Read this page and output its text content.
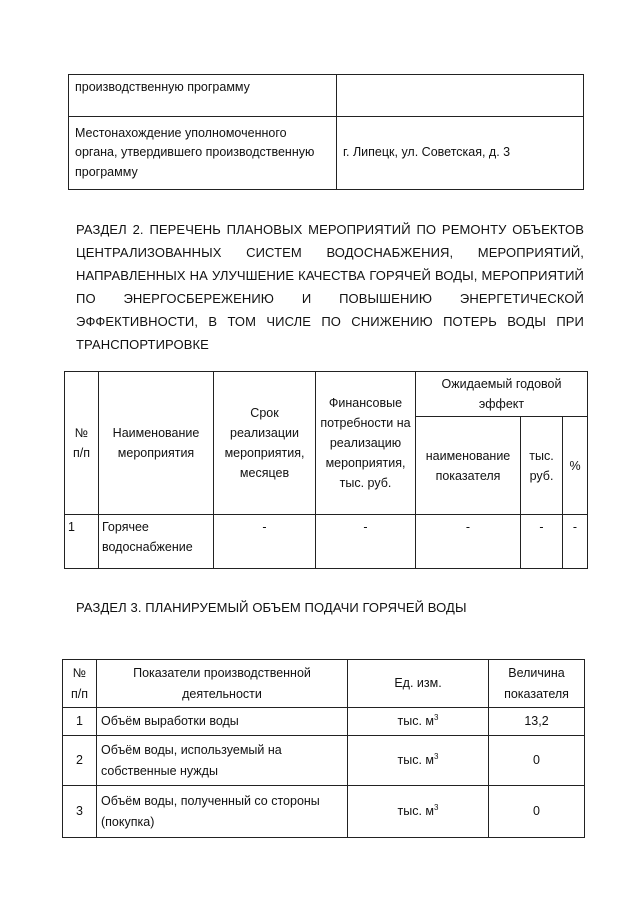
производственную программу	
Местонахождение уполномоченного органа, утвердившего производственную программу	г. Липецк, ул. Советская, д. 3
РАЗДЕЛ 2. ПЕРЕЧЕНЬ ПЛАНОВЫХ МЕРОПРИЯТИЙ ПО РЕМОНТУ ОБЪЕКТОВ ЦЕНТРАЛИЗОВАННЫХ СИСТЕМ ВОДОСНАБЖЕНИЯ, МЕРОПРИЯТИЙ, НАПРАВЛЕННЫХ НА УЛУЧШЕНИЕ КАЧЕСТВА ГОРЯЧЕЙ ВОДЫ, МЕРОПРИЯТИЙ ПО ЭНЕРГОСБЕРЕЖЕНИЮ И ПОВЫШЕНИЮ ЭНЕРГЕТИЧЕСКОЙ ЭФФЕКТИВНОСТИ, В ТОМ ЧИСЛЕ ПО СНИЖЕНИЮ ПОТЕРЬ ВОДЫ ПРИ ТРАНСПОРТИРОВКЕ
№ п/п	Наименование мероприятия	Срок реализации мероприятия, месяцев	Финансовые потребности на реализацию мероприятия, тыс. руб.	Ожидаемый годовой эффект		
				наименование показателя	тыс. руб.	%
1	Горячее водоснабжение	-	-	-	-	-
РАЗДЕЛ 3. ПЛАНИРУЕМЫЙ ОБЪЕМ ПОДАЧИ ГОРЯЧЕЙ ВОДЫ
№ п/п	Показатели производственной деятельности	Ед. изм.	Величина показателя
1	Объём выработки воды	тыс. $м^3$	13,2
2	Объём воды, используемый на собственные нужды	тыс. $м^3$	0
3	Объём воды, полученный со стороны (покупка)	тыс. $м^3$	0
